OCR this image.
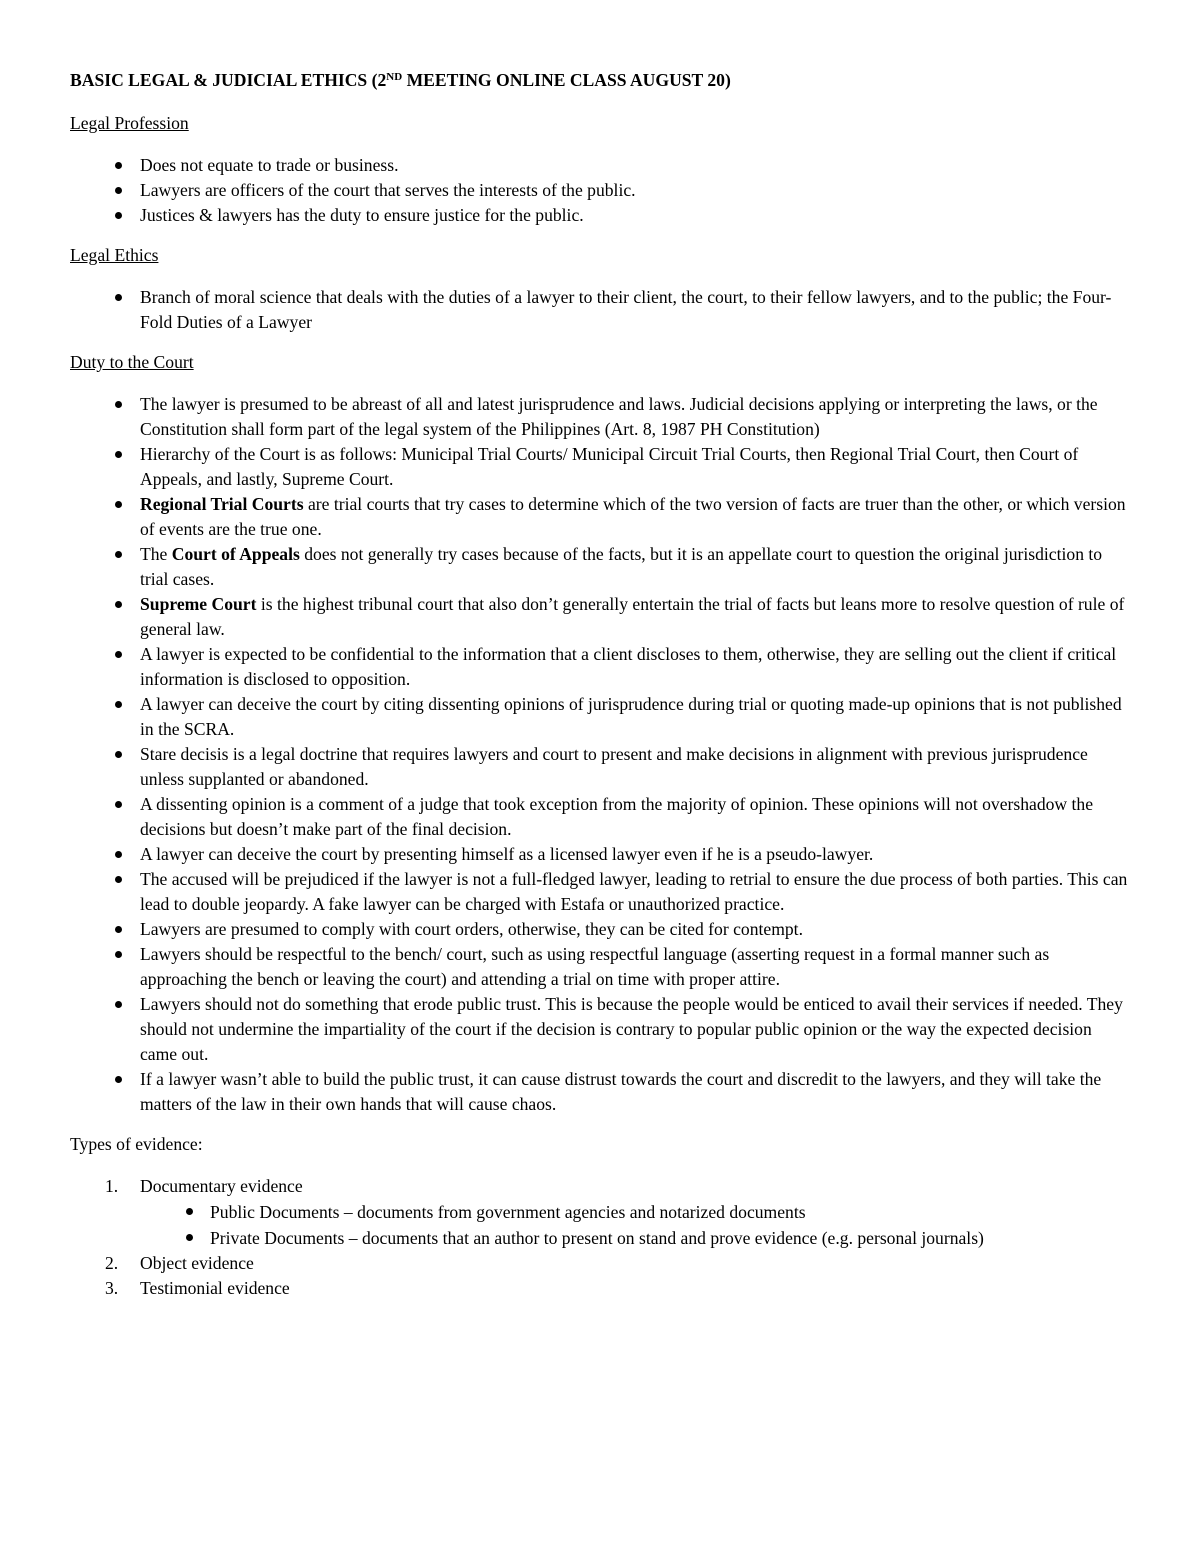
BASIC LEGAL & JUDICIAL ETHICS (2ND MEETING ONLINE CLASS AUGUST 20)
Legal Profession
Does not equate to trade or business.
Lawyers are officers of the court that serves the interests of the public.
Justices & lawyers has the duty to ensure justice for the public.
Legal Ethics
Branch of moral science that deals with the duties of a lawyer to their client, the court, to their fellow lawyers, and to the public; the Four-Fold Duties of a Lawyer
Duty to the Court
The lawyer is presumed to be abreast of all and latest jurisprudence and laws. Judicial decisions applying or interpreting the laws, or the Constitution shall form part of the legal system of the Philippines (Art. 8, 1987 PH Constitution)
Hierarchy of the Court is as follows: Municipal Trial Courts/ Municipal Circuit Trial Courts, then Regional Trial Court, then Court of Appeals, and lastly, Supreme Court.
Regional Trial Courts are trial courts that try cases to determine which of the two version of facts are truer than the other, or which version of events are the true one.
The Court of Appeals does not generally try cases because of the facts, but it is an appellate court to question the original jurisdiction to trial cases.
Supreme Court is the highest tribunal court that also don’t generally entertain the trial of facts but leans more to resolve question of rule of general law.
A lawyer is expected to be confidential to the information that a client discloses to them, otherwise, they are selling out the client if critical information is disclosed to opposition.
A lawyer can deceive the court by citing dissenting opinions of jurisprudence during trial or quoting made-up opinions that is not published in the SCRA.
Stare decisis is a legal doctrine that requires lawyers and court to present and make decisions in alignment with previous jurisprudence unless supplanted or abandoned.
A dissenting opinion is a comment of a judge that took exception from the majority of opinion. These opinions will not overshadow the decisions but doesn’t make part of the final decision.
A lawyer can deceive the court by presenting himself as a licensed lawyer even if he is a pseudo-lawyer.
The accused will be prejudiced if the lawyer is not a full-fledged lawyer, leading to retrial to ensure the due process of both parties. This can lead to double jeopardy. A fake lawyer can be charged with Estafa or unauthorized practice.
Lawyers are presumed to comply with court orders, otherwise, they can be cited for contempt.
Lawyers should be respectful to the bench/ court, such as using respectful language (asserting request in a formal manner such as approaching the bench or leaving the court) and attending a trial on time with proper attire.
Lawyers should not do something that erode public trust. This is because the people would be enticed to avail their services if needed. They should not undermine the impartiality of the court if the decision is contrary to popular public opinion or the way the expected decision came out.
If a lawyer wasn’t able to build the public trust, it can cause distrust towards the court and discredit to the lawyers, and they will take the matters of the law in their own hands that will cause chaos.
Types of evidence:
1. Documentary evidence
Public Documents – documents from government agencies and notarized documents
Private Documents – documents that an author to present on stand and prove evidence (e.g. personal journals)
2. Object evidence
3. Testimonial evidence
